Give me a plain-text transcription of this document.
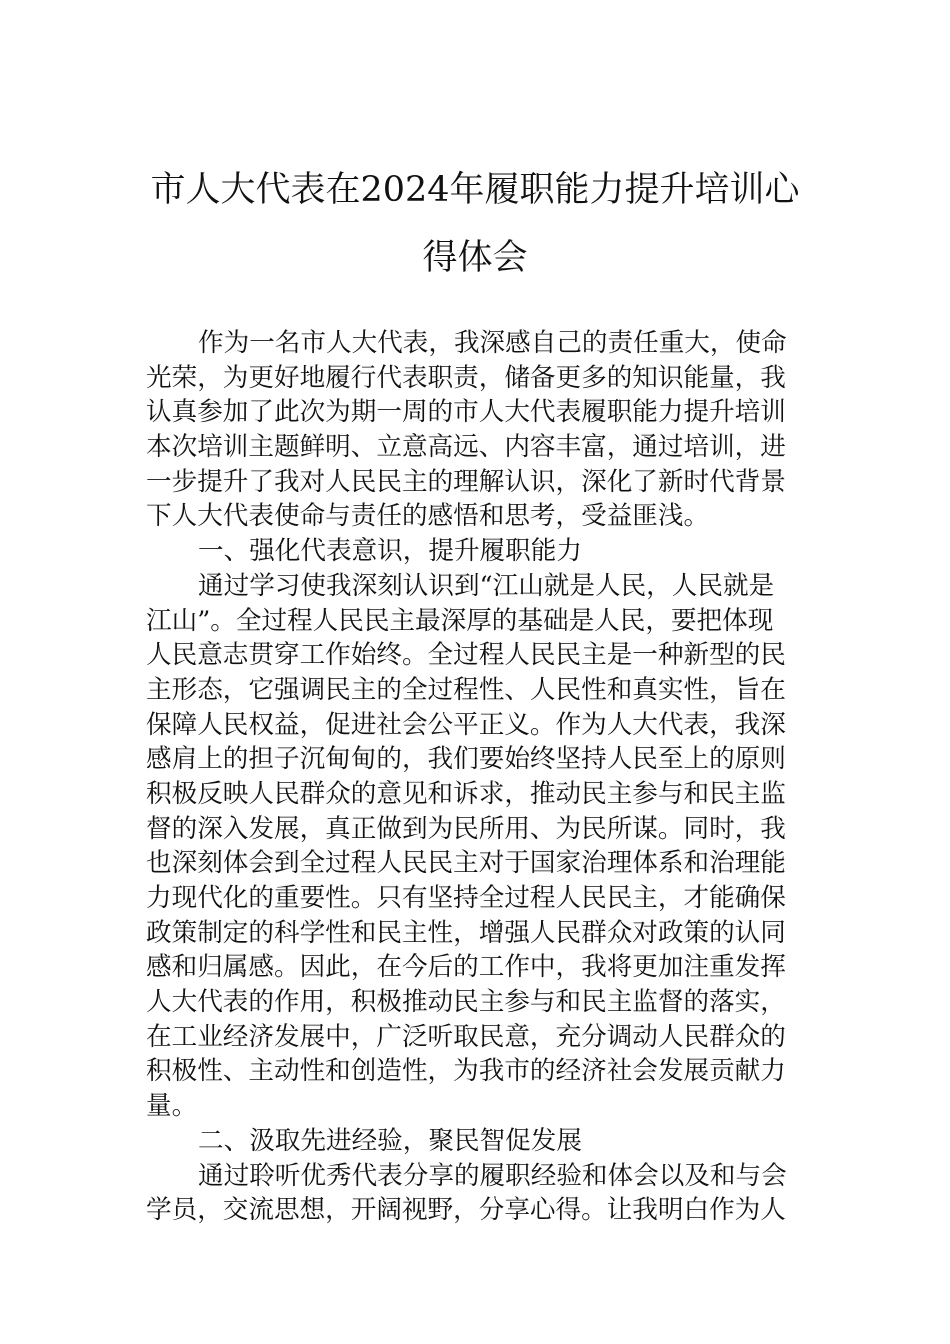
市人大代表在2024年履职能力提升培训心
得体会
作为一名市人大代表，我深感自己的责任重大，使命
光荣，为更好地履行代表职责，储备更多的知识能量，我
认真参加了此次为期一周的市人大代表履职能力提升培训
本次培训主题鲜明、立意高远、内容丰富，通过培训，进
一步提升了我对人民民主的理解认识，深化了新时代背景
下人大代表使命与责任的感悟和思考，受益匪浅。
一、强化代表意识，提升履职能力
通过学习使我深刻认识到“江山就是人民，人民就是
江山”。全过程人民民主最深厚的基础是人民，要把体现
人民意志贯穿工作始终。全过程人民民主是一种新型的民
主形态，它强调民主的全过程性、人民性和真实性，旨在
保障人民权益，促进社会公平正义。作为人大代表，我深
感肩上的担子沉甸甸的，我们要始终坚持人民至上的原则
积极反映人民群众的意见和诉求，推动民主参与和民主监
督的深入发展，真正做到为民所用、为民所谋。同时，我
也深刻体会到全过程人民民主对于国家治理体系和治理能
力现代化的重要性。只有坚持全过程人民民主，才能确保
政策制定的科学性和民主性，增强人民群众对政策的认同
感和归属感。因此，在今后的工作中，我将更加注重发挥
人大代表的作用，积极推动民主参与和民主监督的落实，
在工业经济发展中，广泛听取民意，充分调动人民群众的
积极性、主动性和创造性，为我市的经济社会发展贡献力
量。
二、汲取先进经验，聚民智促发展
通过聆听优秀代表分享的履职经验和体会以及和与会
学员，交流思想，开阔视野，分享心得。让我明白作为人
